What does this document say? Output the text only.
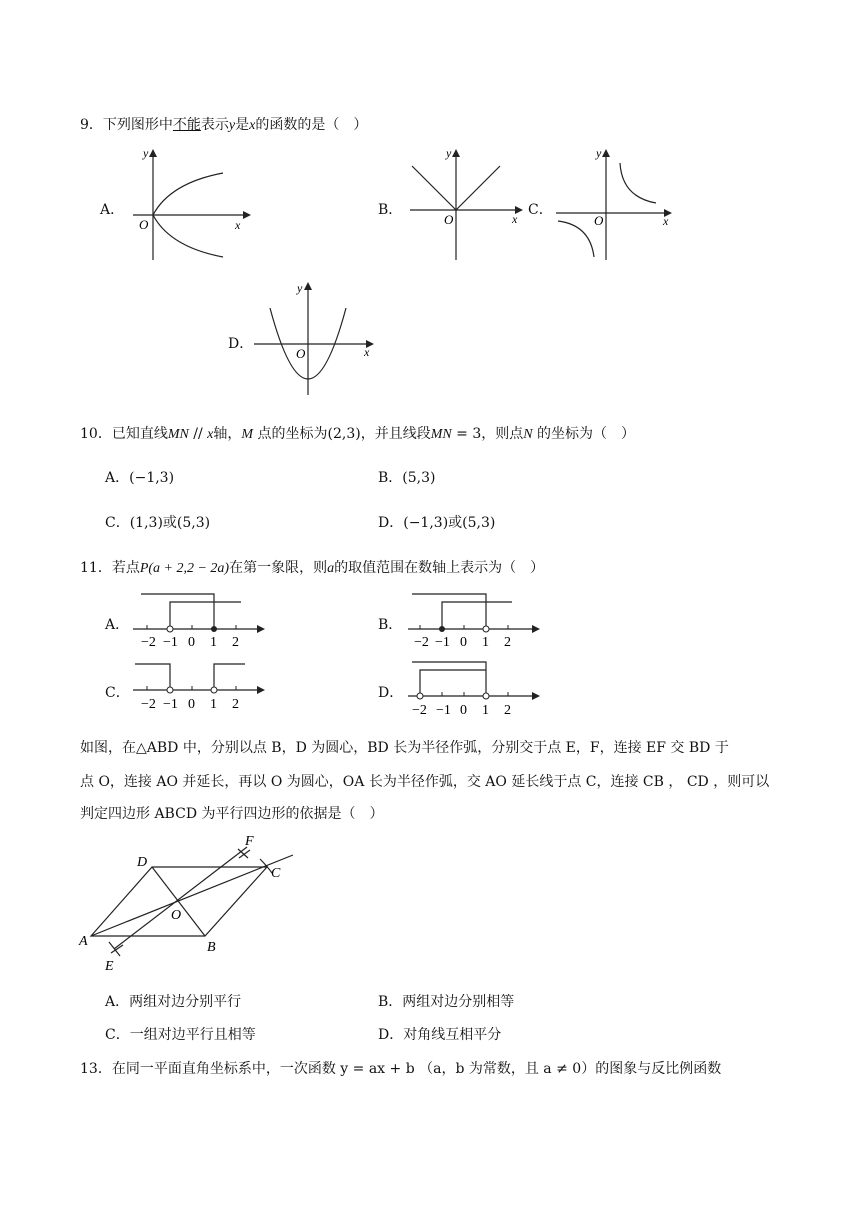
9．下列图形中不能表示y是x的函数的是（　）
A．
y
x
O
B．
y
x
O
C．
y
x
O
D．
y
x
O
10．已知直线MN // x轴，M 点的坐标为(2,3)，并且线段MN = 3，则点N 的坐标为（　）
A．(−1,3)	B．(5,3)
C．(1,3)或(5,3)	D．(−1,3)或(5,3)
11．若点P(a + 2,2 − 2a)在第一象限，则a的取值范围在数轴上表示为（　）
A．
−2 −1 0 1 2
B．
−2 −1 0 1 2
C．
−2 −1 0 1 2
D．
−2 −1 0 1 2
如图，在△ABD 中，分别以点 B，D 为圆心，BD 长为半径作弧，分别交于点 E，F，连接 EF 交 BD 于
点 O，连接 AO 并延长，再以 O 为圆心，OA 长为半径作弧，交 AO 延长线于点 C，连接 CB ， CD ，则可以
判定四边形 ABCD 为平行四边形的依据是（　）
D
C
A	B
O
F
E
A．两组对边分别平行	B．两组对边分别相等
C．一组对边平行且相等	D．对角线互相平分
13．在同一平面直角坐标系中，一次函数 y = ax + b （a，b 为常数，且 a ≠ 0）的图象与反比例函数
